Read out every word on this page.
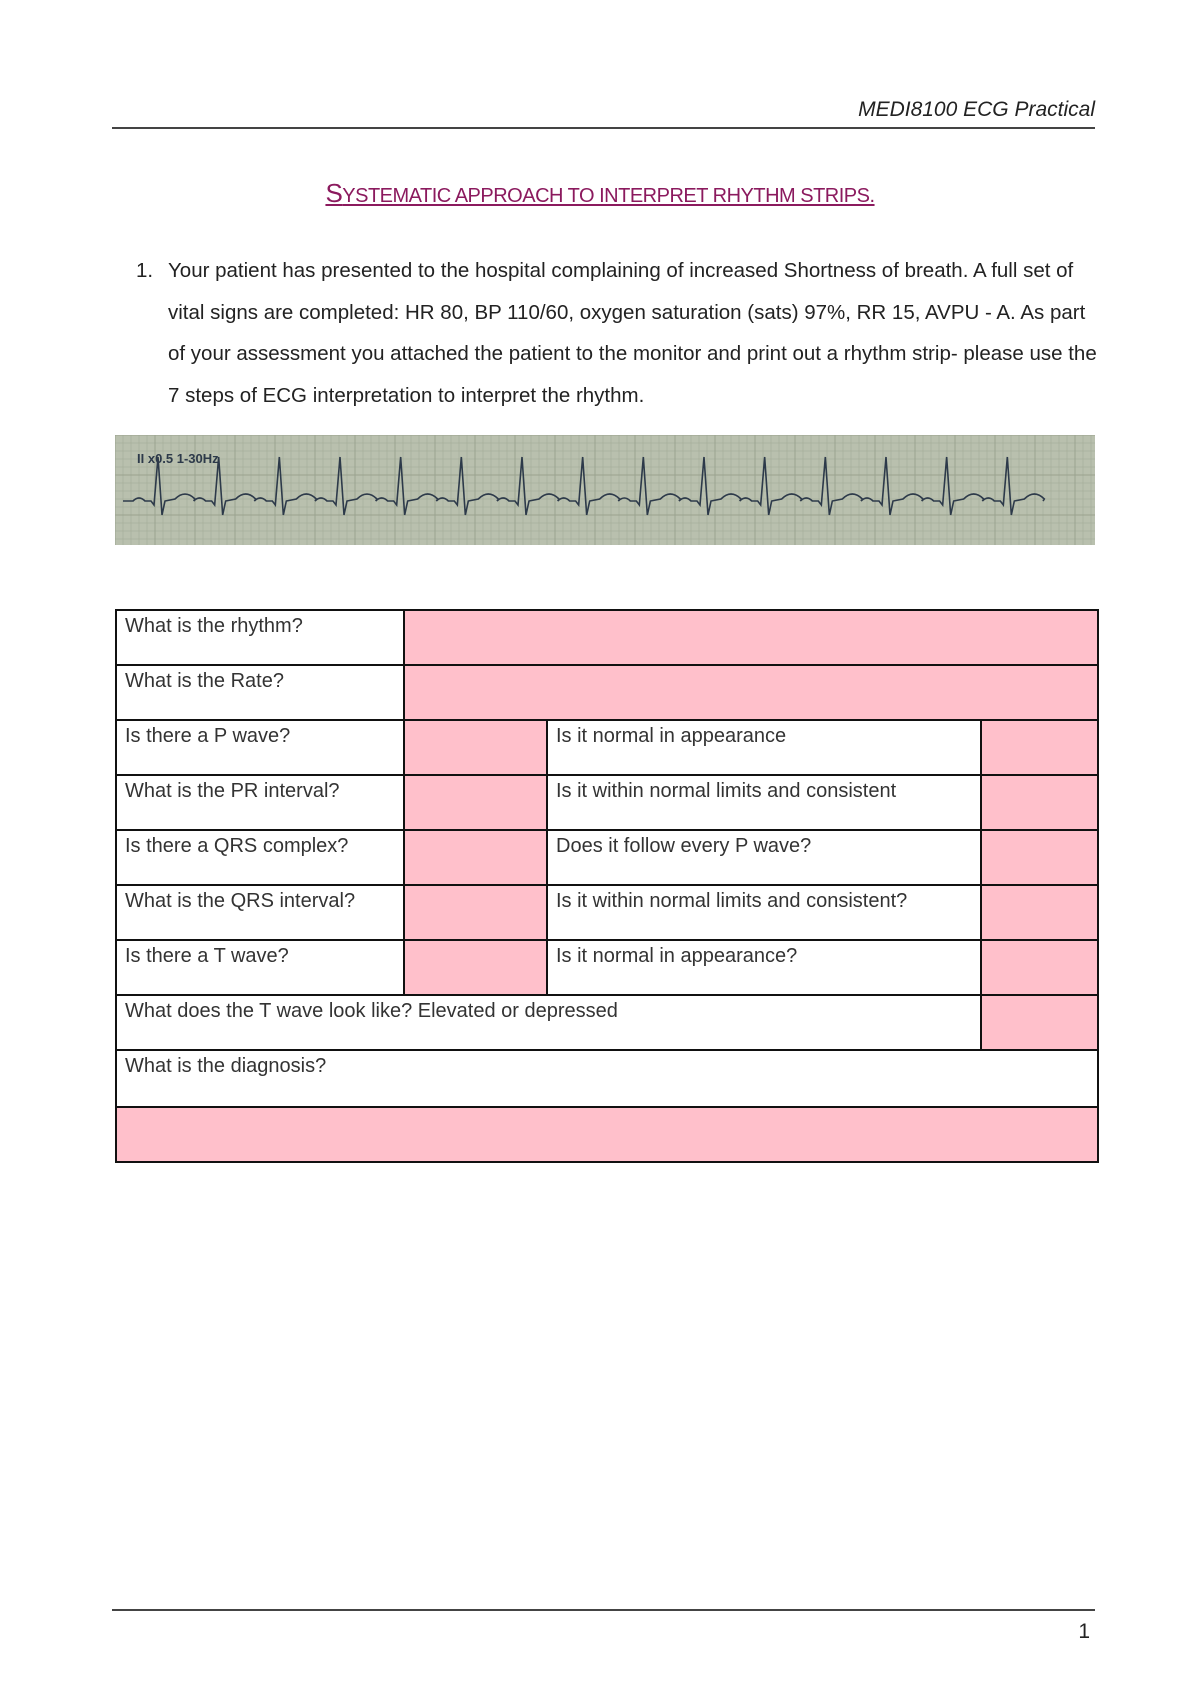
MEDI8100 ECG Practical
SYSTEMATIC APPROACH TO INTERPRET RHYTHM STRIPS.
1. Your patient has presented to the hospital complaining of increased Shortness of breath. A full set of vital signs are completed: HR 80, BP 110/60, oxygen saturation (sats) 97%, RR 15, AVPU - A. As part of your assessment you attached the patient to the monitor and print out a rhythm strip- please use the 7 steps of ECG interpretation to interpret the rhythm.
II x0.5 1-30Hz
What is the rhythm?			
What is the Rate?			
Is there a P wave?		Is it normal in appearance	
What is the PR interval?		Is it within normal limits and consistent	
Is there a QRS complex?		Does it follow every P wave?	
What is the QRS interval?		Is it within normal limits and consistent?	
Is there a T wave?		Is it normal in appearance?	
What does the T wave look like? Elevated or depressed			
What is the diagnosis?			

1
